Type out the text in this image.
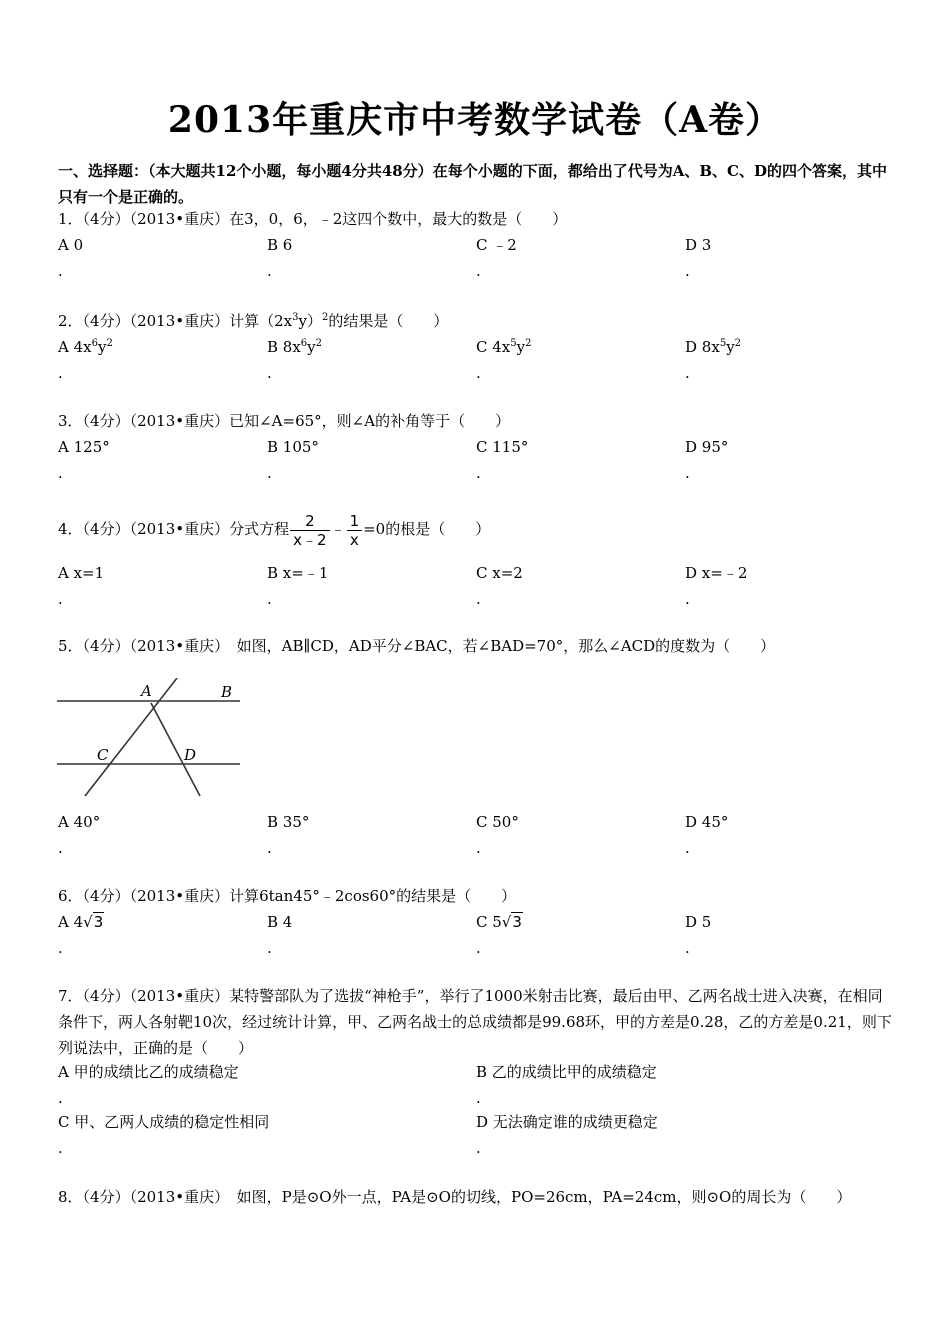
2013年重庆市中考数学试卷（A卷）
一、选择题：（本大题共12个小题，每小题4分共48分）在每个小题的下面，都给出了代号为A、B、C、D的四个答案，其中只有一个是正确的。
1．（4分）（2013•重庆）在3，0，6，﹣2这四个数中，最大的数是（　　）
A 0	B 6	C ﹣2	D 3
.	.	.	.
2．（4分）（2013•重庆）计算$(2x^3y)^2$的结果是（　　）
A $4x^6y^2$	B $8x^6y^2$	C $4x^5y^2$	D $8x^5y^2$
.	.	.	.
3．（4分）（2013•重庆）已知∠A=65°，则∠A的补角等于（　　）
A 125°	B 105°	C 115°	D 95°
.	.	.	.
4．（4分）（2013•重庆）分式方程 $\frac{2}{x﹣2}$ ﹣ $\frac{1}{x} =0$的根是（　　）
A x=1	B x=﹣1	C x=2	D x=﹣2
.	.	.	.
5．（4分）（2013•重庆）　如图，AB∥CD，AD平分∠BAC，若∠BAD=70°，那么∠ACD的度数为（　　）
A	B
C	D
A 40°	B 35°	C 50°	D 45°
.	.	.	.
6．（4分）（2013•重庆）计算6tan45°﹣2cos60°的结果是（　　）
A 4√3	B 4	C 5√3	D 5
.	.	.	.
7．（4分）（2013•重庆）某特警部队为了选拔“神枪手”，举行了1000米射击比赛，最后由甲、乙两名战士进入决赛，在相同条件下，两人各射靶10次，经过统计计算，甲、乙两名战士的总成绩都是99.68环，甲的方差是0.28，乙的方差是0.21，则下列说法中，正确的是（　　）
A 甲的成绩比乙的成绩稳定	B 乙的成绩比甲的成绩稳定
.	.
C 甲、乙两人成绩的稳定性相同	D 无法确定谁的成绩更稳定
.	.
8．（4分）（2013•重庆）　如图，P是⊙O外一点，PA是⊙O的切线，PO=26cm，PA=24cm，则⊙O的周长为（　　）
